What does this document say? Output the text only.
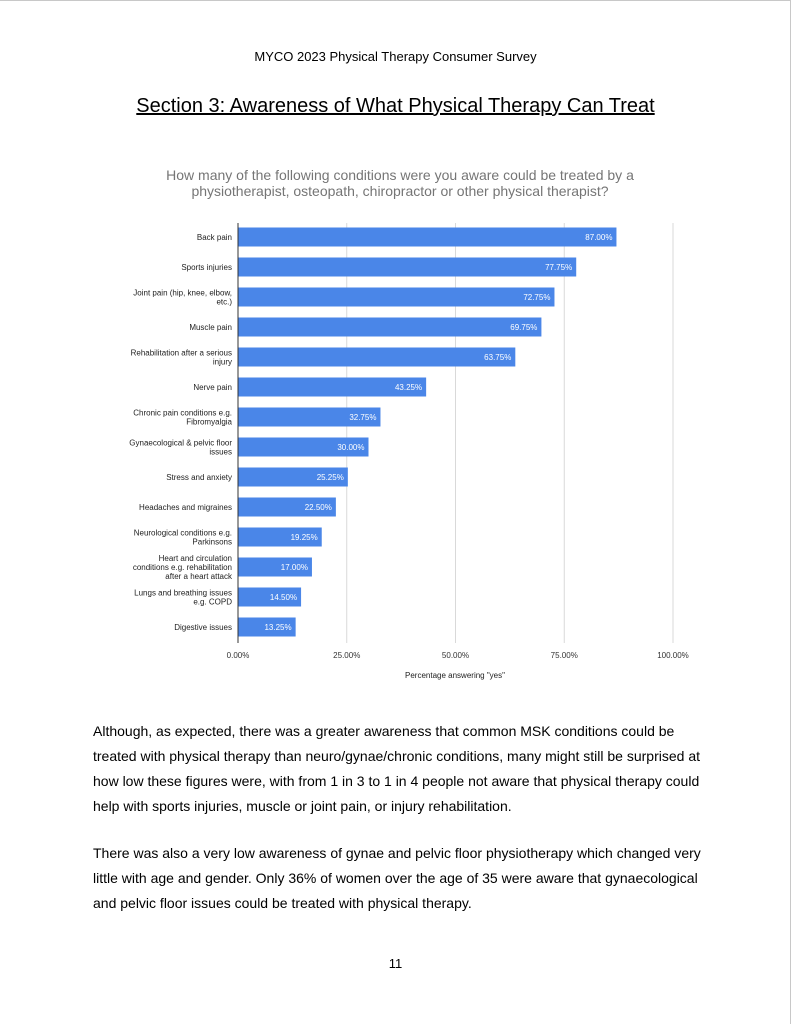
MYCO 2023 Physical Therapy Consumer Survey
Section 3: Awareness of What Physical Therapy Can Treat
How many of the following conditions were you aware could be treated by a physiotherapist, osteopath, chiropractor or other physical therapist?
0.00%	25.00%	50.00%	75.00%	100.00%
87.00%
Back pain
77.75%
Sports injuries
72.75%
Joint pain (hip, knee, elbow, etc.)
69.75%
Muscle pain
63.75%
Rehabilitation after a serious injury
43.25%
Nerve pain
32.75%
Chronic pain conditions e.g. Fibromyalgia
30.00%
Gynaecological & pelvic floor issues
25.25%
Stress and anxiety
22.50%
Headaches and migraines
19.25%
Neurological conditions e.g. Parkinsons
17.00%
Heart and circulation conditions e.g. rehabilitation after a heart attack
14.50%
Lungs and breathing issues e.g. COPD
13.25%
Digestive issues
Percentage answering "yes"
Although, as expected, there was a greater awareness that common MSK conditions could be treated with physical therapy than neuro/gynae/chronic conditions, many might still be surprised at how low these figures were, with from 1 in 3 to 1 in 4 people not aware that physical therapy could help with sports injuries, muscle or joint pain, or injury rehabilitation.
There was also a very low awareness of gynae and pelvic floor physiotherapy which changed very little with age and gender. Only 36% of women over the age of 35 were aware that gynaecological and pelvic floor issues could be treated with physical therapy.
11
